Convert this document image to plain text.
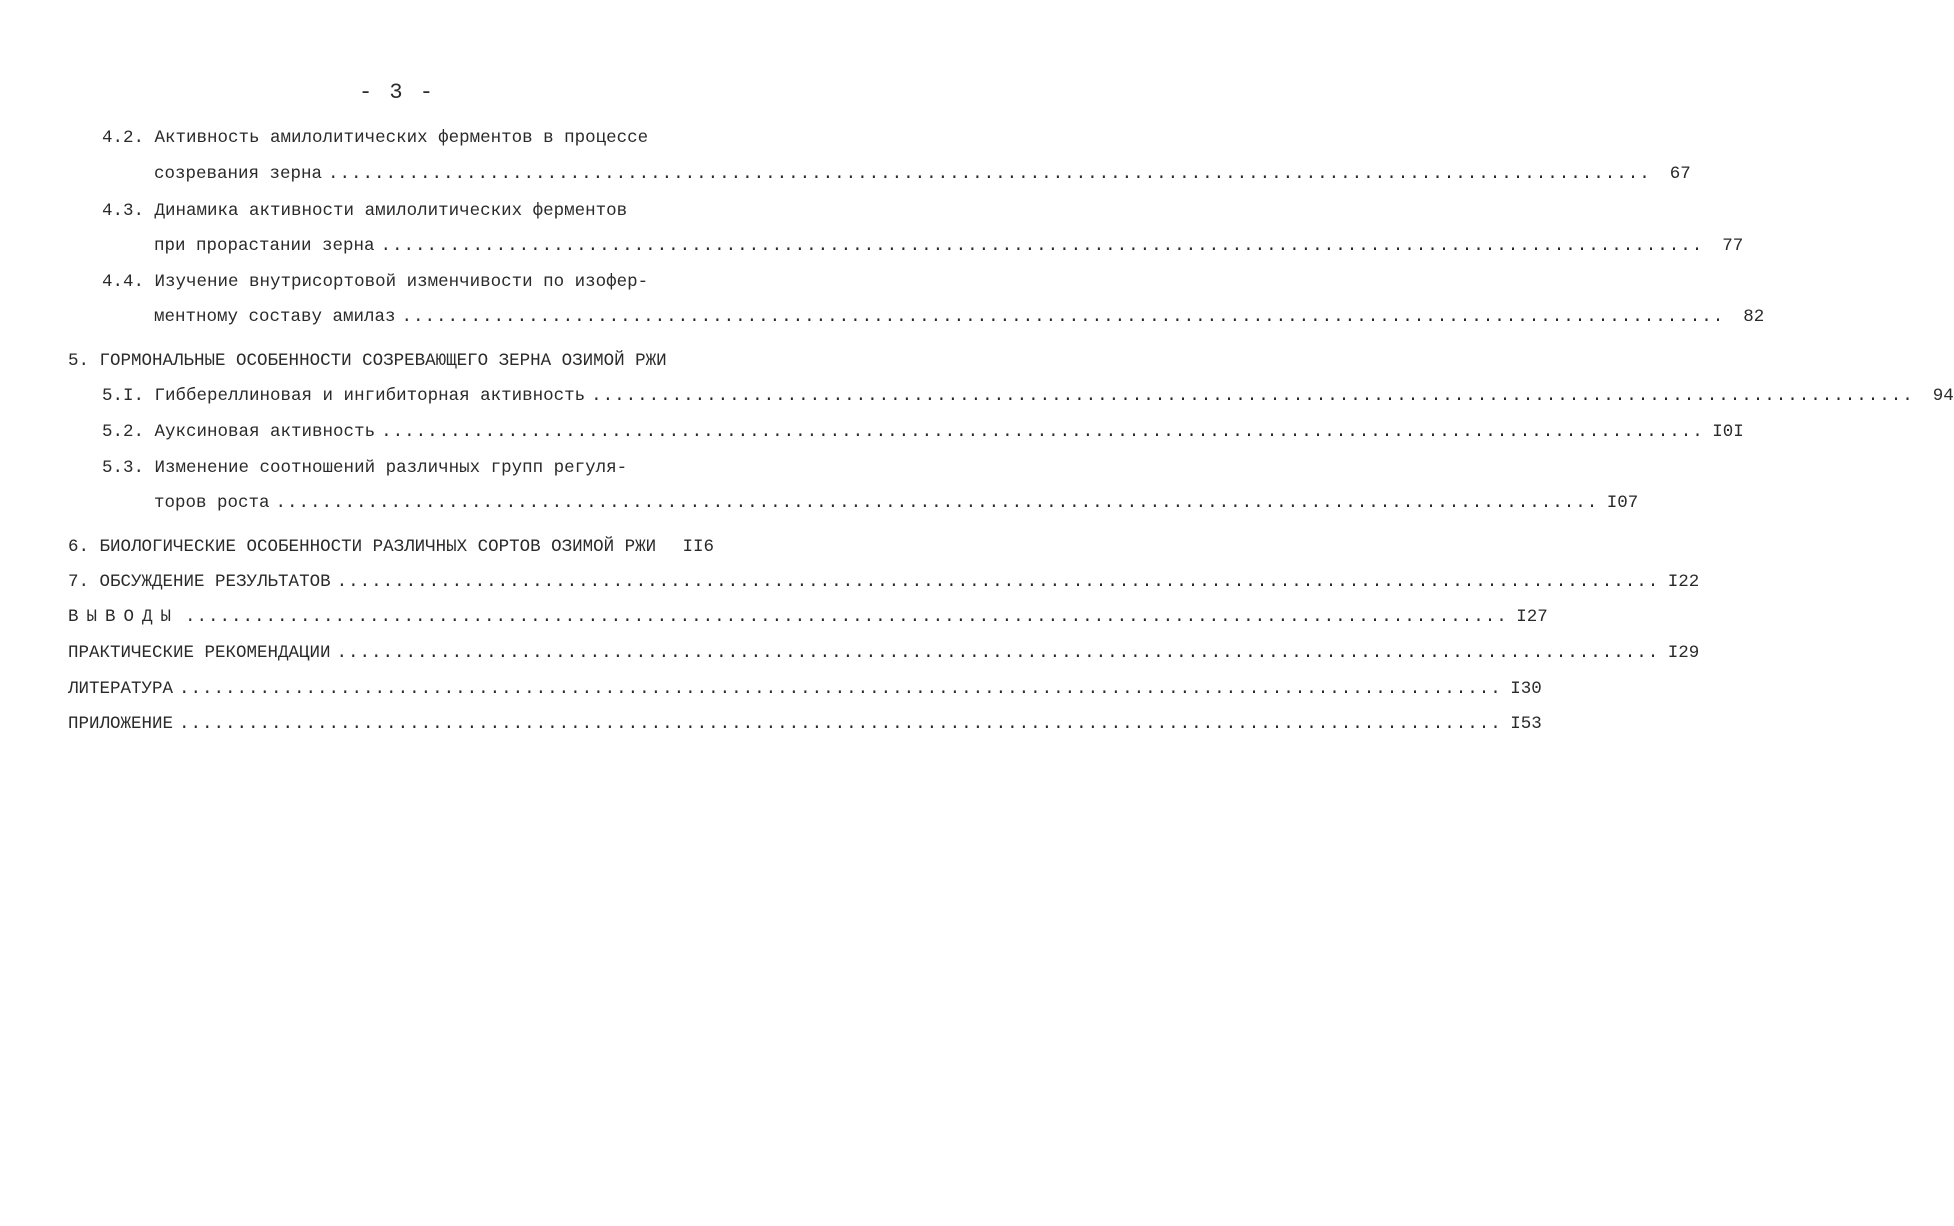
- 3 -
4.2. Активность амилолитических ферментов в процессе
созревания зерна ...................................................................................................................	67
4.3. Динамика активности амилолитических ферментов
при прорастании зерна ...................................................................................................................	77
4.4. Изучение внутрисортовой изменчивости по изофер-
ментному составу амилаз ...................................................................................................................	82
5. ГОРМОНАЛЬНЫЕ ОСОБЕННОСТИ СОЗРЕВАЮЩЕГО ЗЕРНА ОЗИМОЙ РЖИ
5.I. Гиббереллиновая и ингибиторная активность ...................................................................................................................	94
5.2. Ауксиновая активность ................................................................................................................... I0I
5.3. Изменение соотношений различных групп регуля-
торов роста ................................................................................................................... I07
6. БИОЛОГИЧЕСКИЕ ОСОБЕННОСТИ РАЗЛИЧНЫХ СОРТОВ ОЗИМОЙ РЖИ II6
7. ОБСУЖДЕНИЕ РЕЗУЛЬТАТОВ ................................................................................................................... I22
ВЫВОДЫ ................................................................................................................... I27
ПРАКТИЧЕСКИЕ РЕКОМЕНДАЦИИ ................................................................................................................... I29
ЛИТЕРАТУРА ................................................................................................................... I30
ПРИЛОЖЕНИЕ ................................................................................................................... I53
